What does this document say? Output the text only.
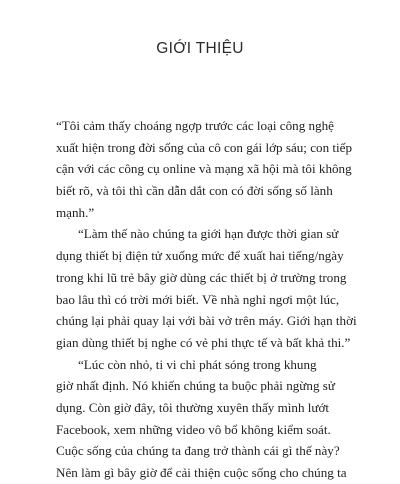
GIỚI THIỆU
“Tôi cảm thấy choáng ngợp trước các loại công nghệ
xuất hiện trong đời sống của cô con gái lớp sáu; con tiếp
cận với các công cụ online và mạng xã hội mà tôi không
biết rõ, và tôi thì cần dẫn dắt con có đời sống số lành
mạnh.”
“Làm thế nào chúng ta giới hạn được thời gian sử
dụng thiết bị điện tử xuống mức để xuất hai tiếng/ngày
trong khi lũ trẻ bây giờ dùng các thiết bị ở trường trong
bao lâu thì có trời mới biết. Về nhà nghỉ ngơi một lúc,
chúng lại phải quay lại với bài vở trên máy. Giới hạn thời
gian dùng thiết bị nghe có vẻ phi thực tế và bất khả thi.”
“Lúc còn nhỏ, ti vi chỉ phát sóng trong khung
giờ nhất định. Nó khiến chúng ta buộc phải ngừng sử
dụng. Còn giờ đây, tôi thường xuyên thấy mình lướt
Facebook, xem những video vô bổ không kiểm soát.
Cuộc sống của chúng ta đang trở thành cái gì thế này?
Nên làm gì bây giờ để cải thiện cuộc sống cho chúng ta
